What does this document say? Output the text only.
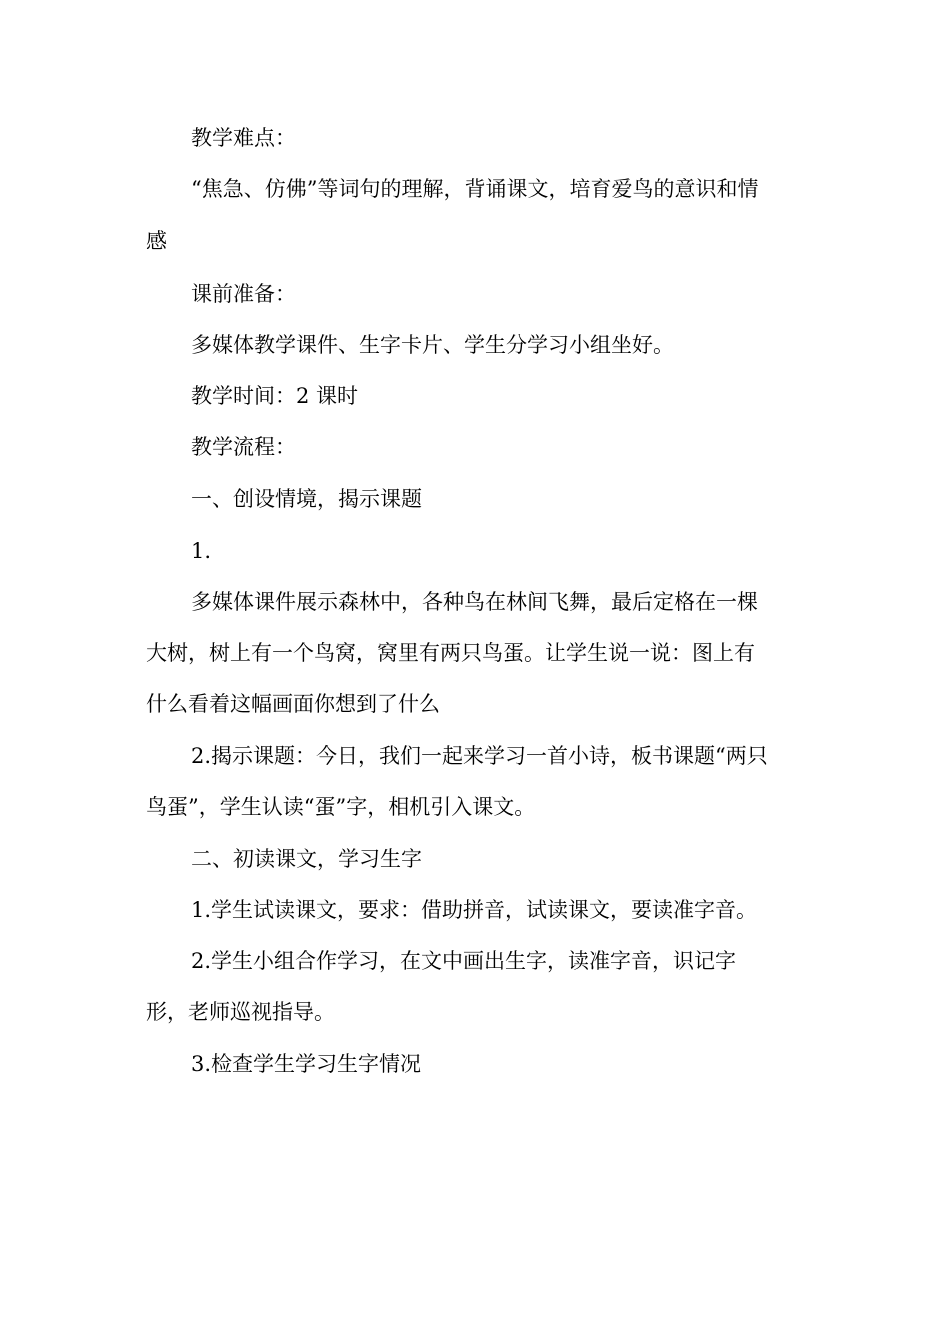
教学难点：

“焦急、仿佛”等词句的理解，背诵课文，培育爱鸟的意识和情

感

课前准备：

多媒体教学课件、生字卡片、学生分学习小组坐好。

教学时间：2 课时

教学流程：

一、创设情境，揭示课题

1.

多媒体课件展示森林中，各种鸟在林间飞舞，最后定格在一棵

大树，树上有一个鸟窝，窝里有两只鸟蛋。让学生说一说：图上有

什么看着这幅画面你想到了什么

2.揭示课题：今日，我们一起来学习一首小诗，板书课题“两只

鸟蛋”，学生认读“蛋”字，相机引入课文。

二、初读课文，学习生字

1.学生试读课文，要求：借助拼音，试读课文，要读准字音。

2.学生小组合作学习，在文中画出生字，读准字音，识记字

形，老师巡视指导。

3.检查学生学习生字情况
